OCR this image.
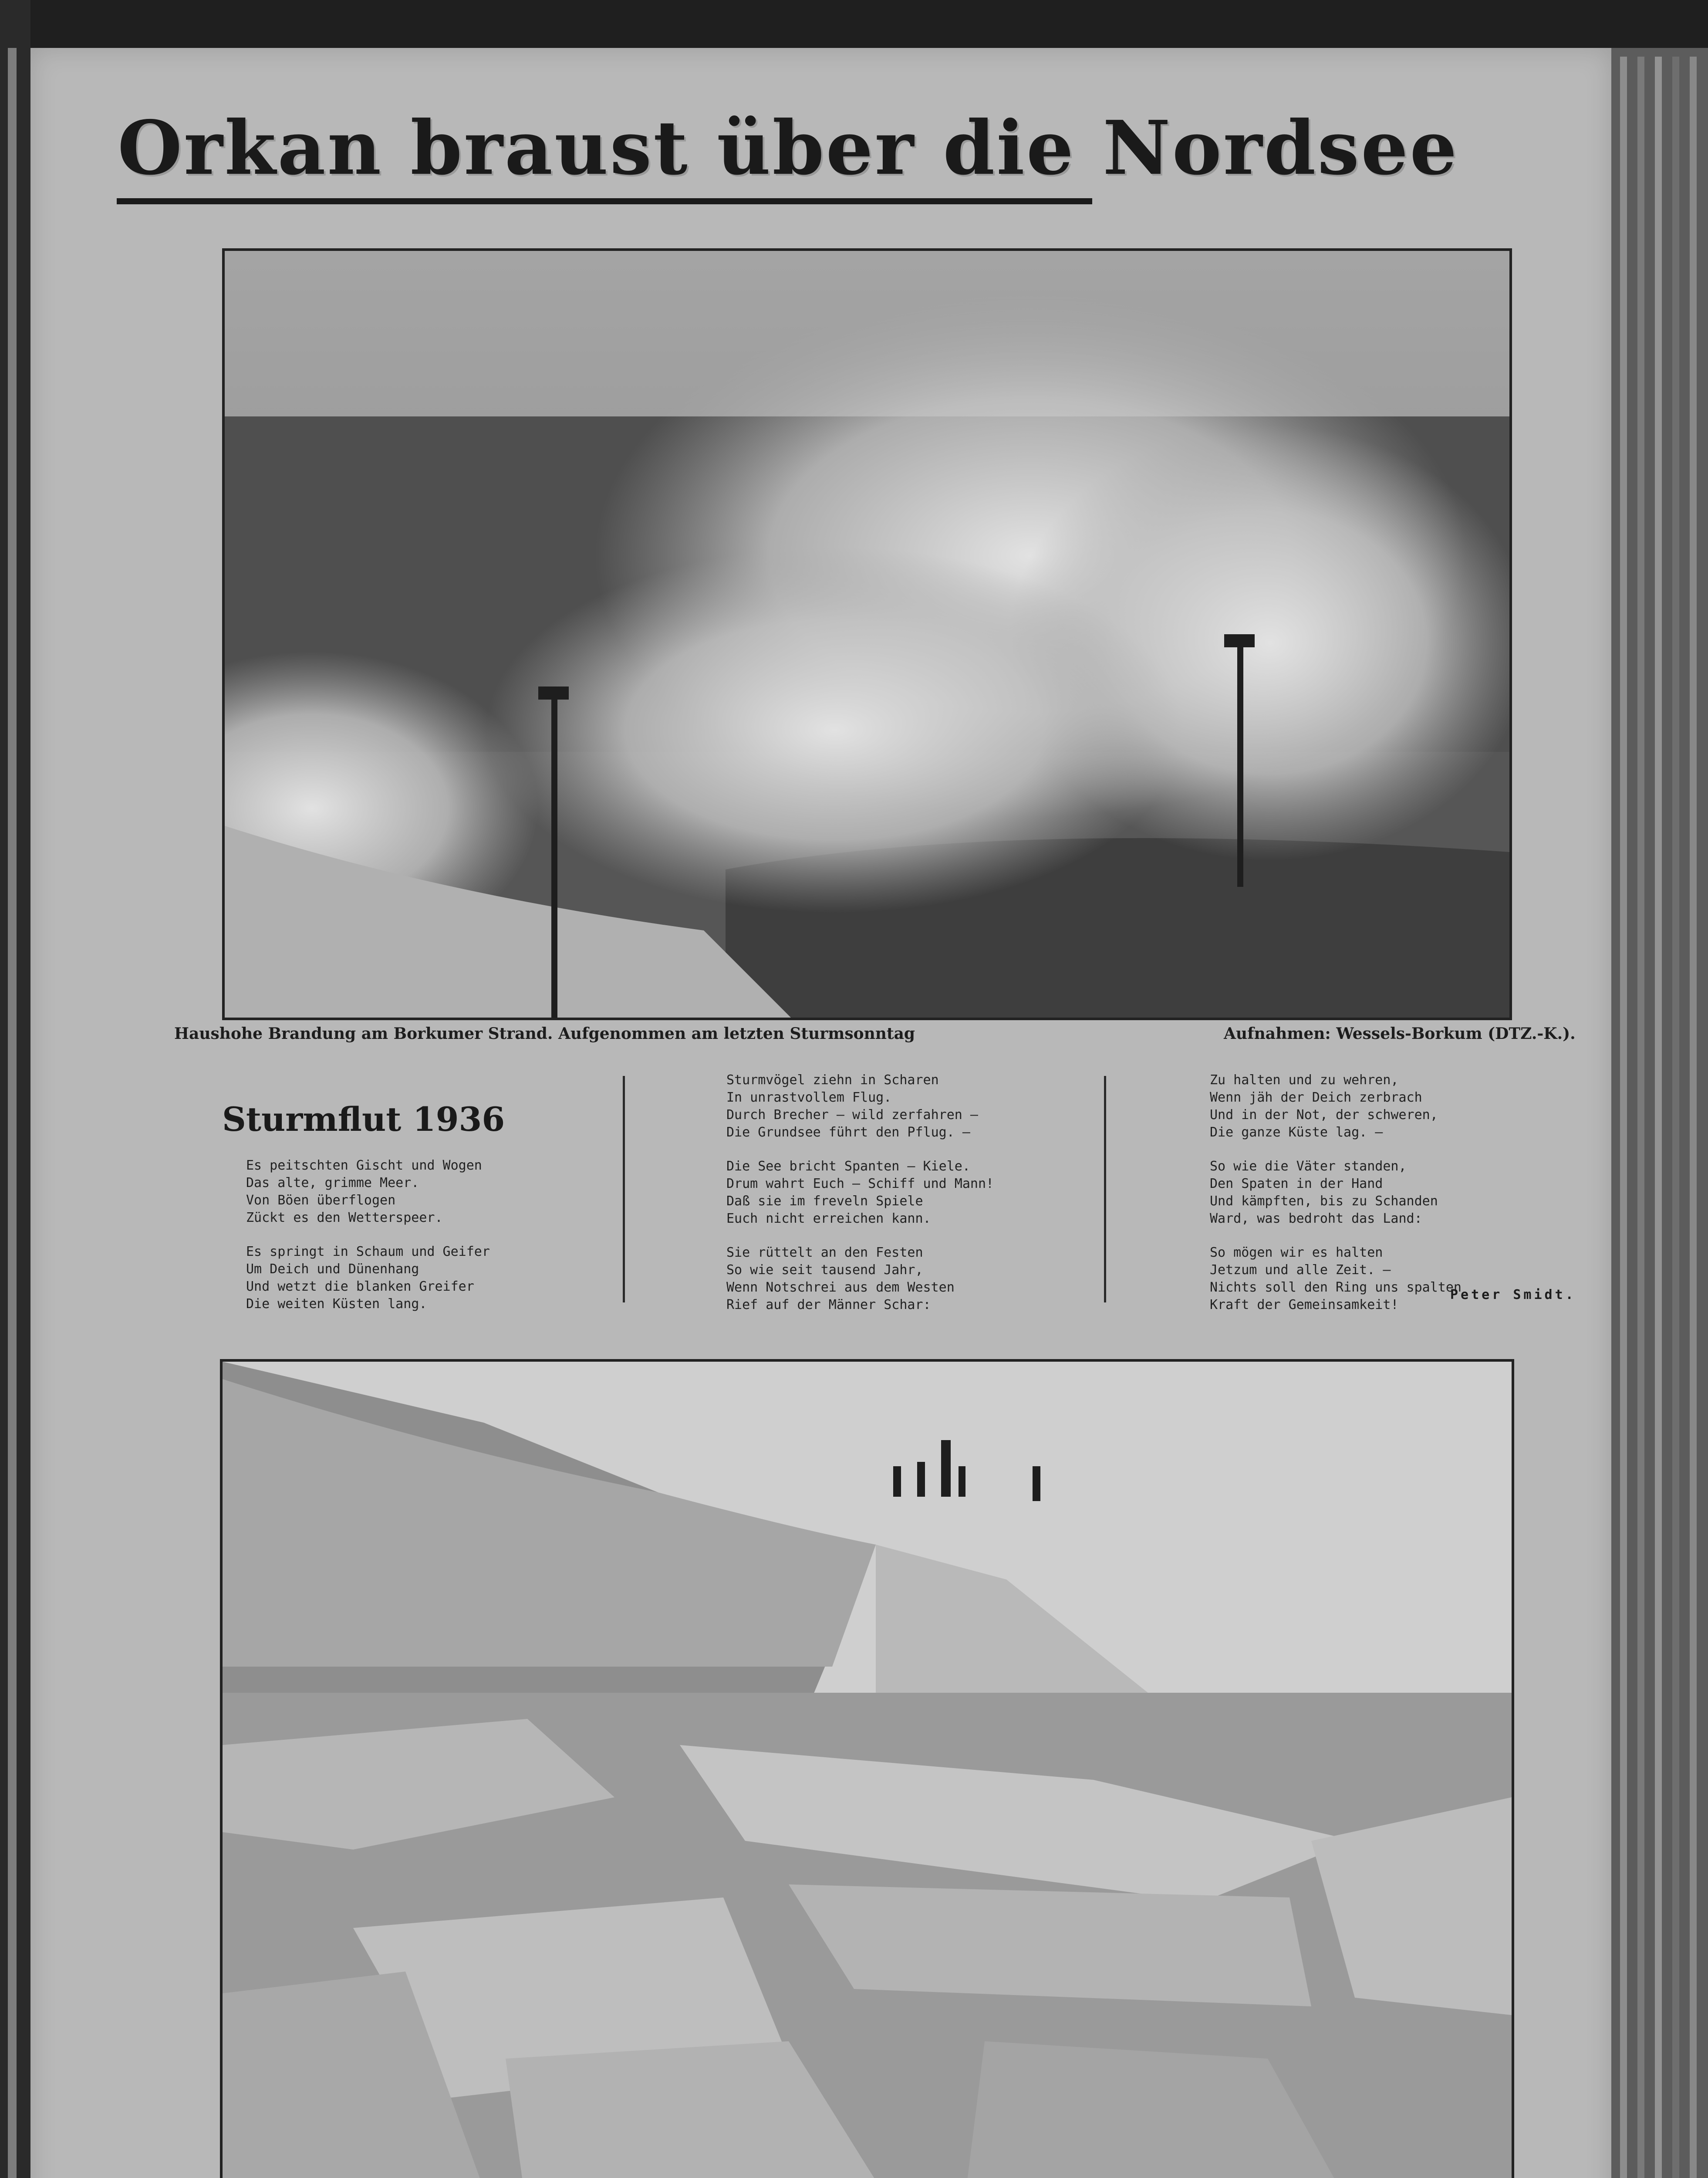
Orkan braust über die Nordsee
Haushohe Brandung am Borkumer Strand. Aufgenommen am letzten Sturmsonntag	Aufnahmen: Wessels-Borkum (DTZ.-K.).
Sturmflut 1936
Es peitschten Gischt und Wogen
Das alte, grimme Meer.
Von Böen überflogen
Zückt es den Wetterspeer.
Es springt in Schaum und Geifer
Um Deich und Dünenhang
Und wetzt die blanken Greifer
Die weiten Küsten lang.
Sturmvögel ziehn in Scharen
In unrastvollem Flug.
Durch Brecher — wild zerfahren —
Die Grundsee führt den Pflug. —
Die See bricht Spanten — Kiele.
Drum wahrt Euch — Schiff und Mann!
Daß sie im freveln Spiele
Euch nicht erreichen kann.
Sie rüttelt an den Festen
So wie seit tausend Jahr,
Wenn Notschrei aus dem Westen
Rief auf der Männer Schar:
Zu halten und zu wehren,
Wenn jäh der Deich zerbrach
Und in der Not, der schweren,
Die ganze Küste lag. —
So wie die Väter standen,
Den Spaten in der Hand
Und kämpften, bis zu Schanden
Ward, was bedroht das Land:
So mögen wir es halten
Jetzum und alle Zeit. —
Nichts soll den Ring uns spalten
Kraft der Gemeinsamkeit!
Peter Smidt.
